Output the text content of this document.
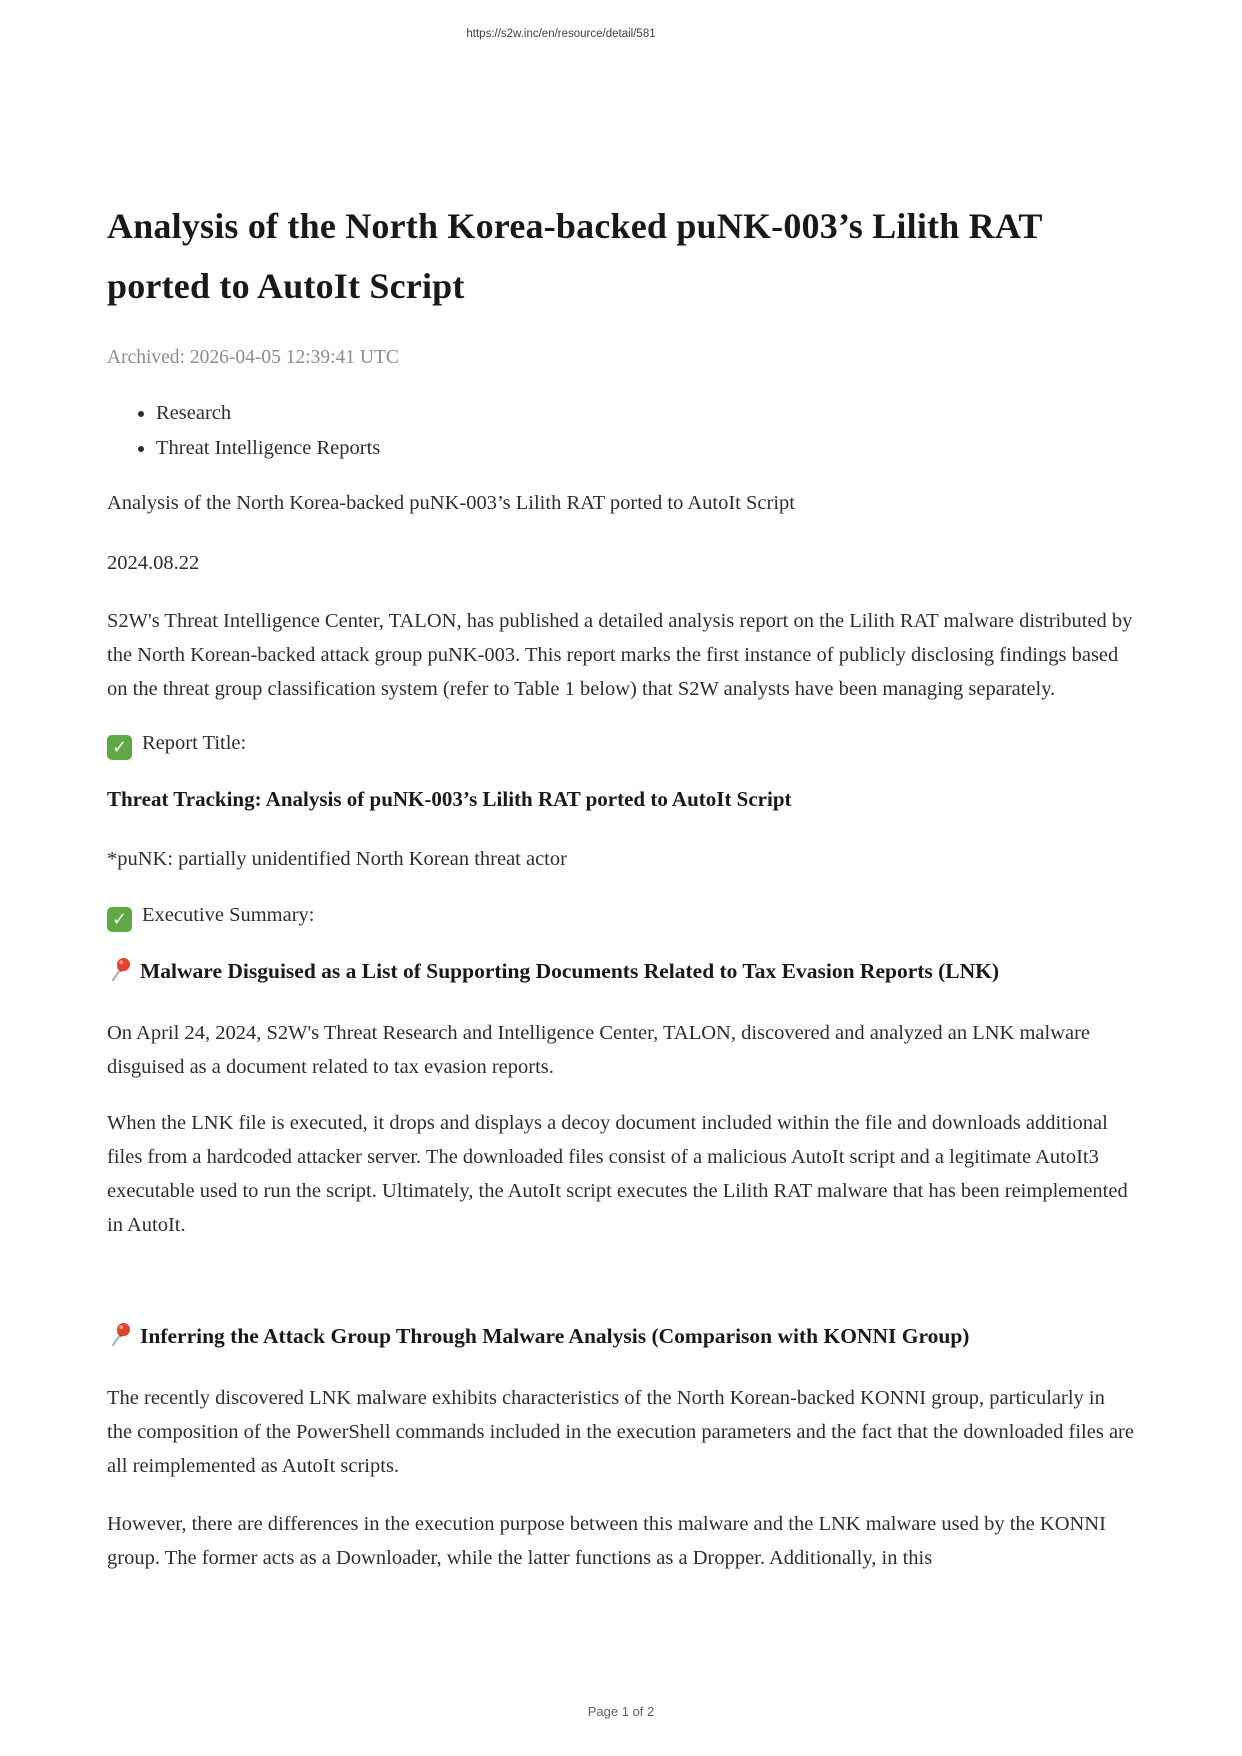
https://s2w.inc/en/resource/detail/581
Analysis of the North Korea-backed puNK-003’s Lilith RAT ported to AutoIt Script
Archived: 2026-04-05 12:39:41 UTC
• Research
• Threat Intelligence Reports

Analysis of the North Korea-backed puNK-003’s Lilith RAT ported to AutoIt Script

2024.08.22

S2W's Threat Intelligence Center, TALON, has published a detailed analysis report on the Lilith RAT malware distributed by the North Korean-backed attack group puNK-003. This report marks the first instance of publicly disclosing findings based on the threat group classification system (refer to Table 1 below) that S2W analysts have been managing separately.

✓ Report Title:

Threat Tracking: Analysis of puNK-003’s Lilith RAT ported to AutoIt Script

*puNK: partially unidentified North Korean threat actor

✓ Executive Summary:

Malware Disguised as a List of Supporting Documents Related to Tax Evasion Reports (LNK)

On April 24, 2024, S2W's Threat Research and Intelligence Center, TALON, discovered and analyzed an LNK malware disguised as a document related to tax evasion reports.

When the LNK file is executed, it drops and displays a decoy document included within the file and downloads additional files from a hardcoded attacker server. The downloaded files consist of a malicious AutoIt script and a legitimate AutoIt3 executable used to run the script. Ultimately, the AutoIt script executes the Lilith RAT malware that has been reimplemented in AutoIt.

Inferring the Attack Group Through Malware Analysis (Comparison with KONNI Group)

The recently discovered LNK malware exhibits characteristics of the North Korean-backed KONNI group, particularly in the composition of the PowerShell commands included in the execution parameters and the fact that the downloaded files are all reimplemented as AutoIt scripts.

However, there are differences in the execution purpose between this malware and the LNK malware used by the KONNI group. The former acts as a Downloader, while the latter functions as a Dropper. Additionally, in this

Page 1 of 2
